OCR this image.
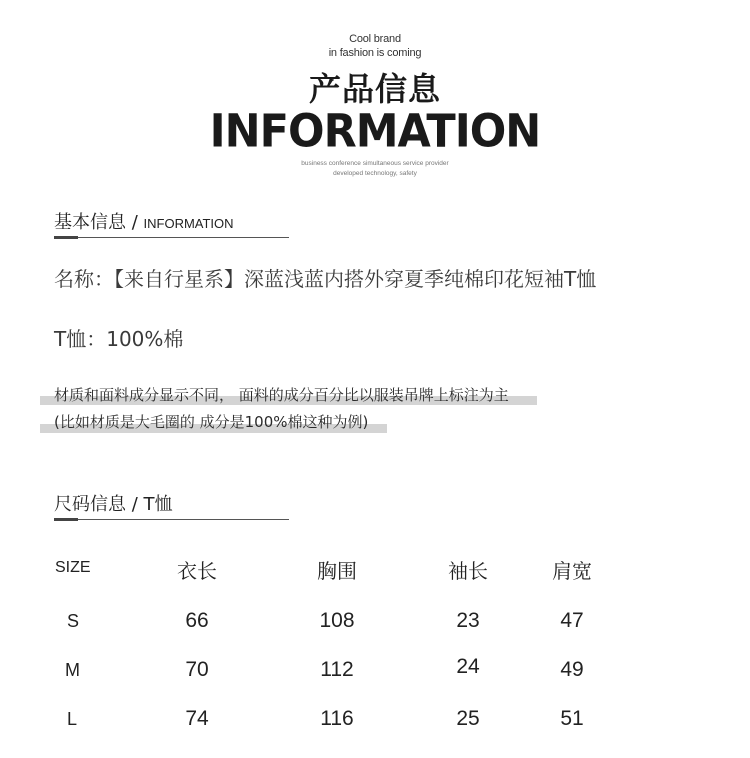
Cool brand
in fashion is coming
产品信息
INFORMATION
business conference simultaneous service provider
developed technology, safety
基本信息 / INFORMATION
名称：【来自行星系】深蓝浅蓝内搭外穿夏季纯棉印花短袖T恤
T恤：100%棉
材质和面料成分显示不同， 面料的成分百分比以服装吊牌上标注为主
(比如材质是大毛圈的 成分是100%棉这种为例)
尺码信息 / T恤
SIZE	衣长	胸围	袖长	肩宽
S	66	108	23	47
M	70	112	24	49
L	74	116	25	51
